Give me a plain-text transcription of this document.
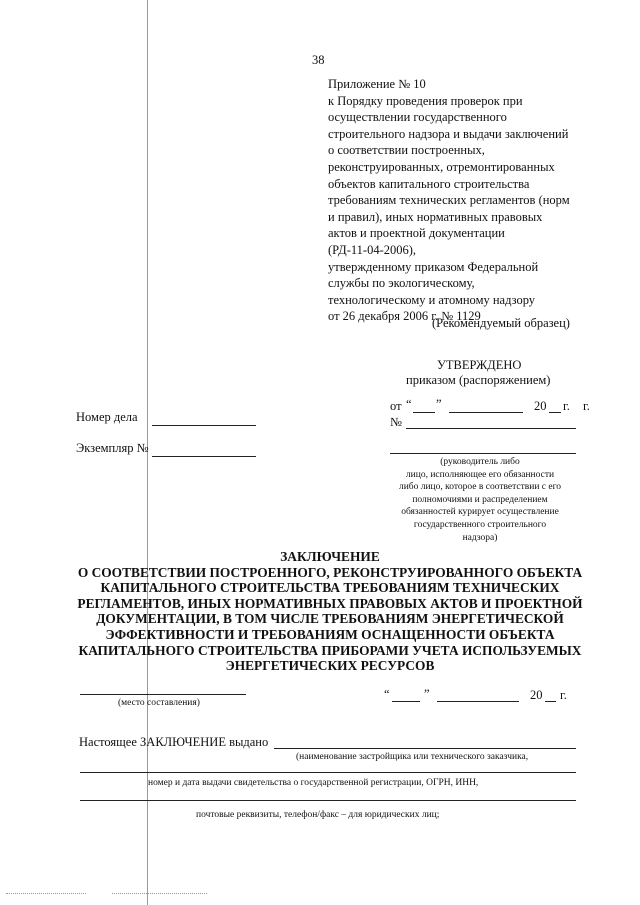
38
Приложение № 10
к Порядку проведения проверок при
осуществлении государственного
строительного надзора и выдачи заключений
о соответствии построенных,
реконструированных, отремонтированных
объектов капитального строительства
требованиям технических регламентов (норм
и правил), иных нормативных правовых
актов и проектной документации
(РД-11-04-2006),
утвержденному приказом Федеральной
службы по экологическому,
технологическому и атомному надзору
от 26 декабря 2006 г. № 1129
(Рекомендуемый образец)
УТВЕРЖДЕНО
приказом (распоряжением)
от “ ”	20 г. г.
№
Номер дела
Экземпляр №
(руководитель либо
лицо, исполняющее его обязанности
либо лицо, которое в соответствии с его
полномочиями и распределением
обязанностей курирует осуществление
государственного строительного
надзора)
ЗАКЛЮЧЕНИЕ
О СООТВЕТСТВИИ ПОСТРОЕННОГО, РЕКОНСТРУИРОВАННОГО ОБЪЕКТА
КАПИТАЛЬНОГО СТРОИТЕЛЬСТВА ТРЕБОВАНИЯМ ТЕХНИЧЕСКИХ
РЕГЛАМЕНТОВ, ИНЫХ НОРМАТИВНЫХ ПРАВОВЫХ АКТОВ И ПРОЕКТНОЙ
ДОКУМЕНТАЦИИ, В ТОМ ЧИСЛЕ ТРЕБОВАНИЯМ ЭНЕРГЕТИЧЕСКОЙ
ЭФФЕКТИВНОСТИ И ТРЕБОВАНИЯМ ОСНАЩЕННОСТИ ОБЪЕКТА
КАПИТАЛЬНОГО СТРОИТЕЛЬСТВА ПРИБОРАМИ УЧЕТА ИСПОЛЬЗУЕМЫХ
ЭНЕРГЕТИЧЕСКИХ РЕСУРСОВ
(место составления)
“	”	20 г.
Настоящее ЗАКЛЮЧЕНИЕ выдано
(наименование застройщика или технического заказчика,
номер и дата выдачи свидетельства о государственной регистрации, ОГРН, ИНН,
почтовые реквизиты, телефон/факс – для юридических лиц;
